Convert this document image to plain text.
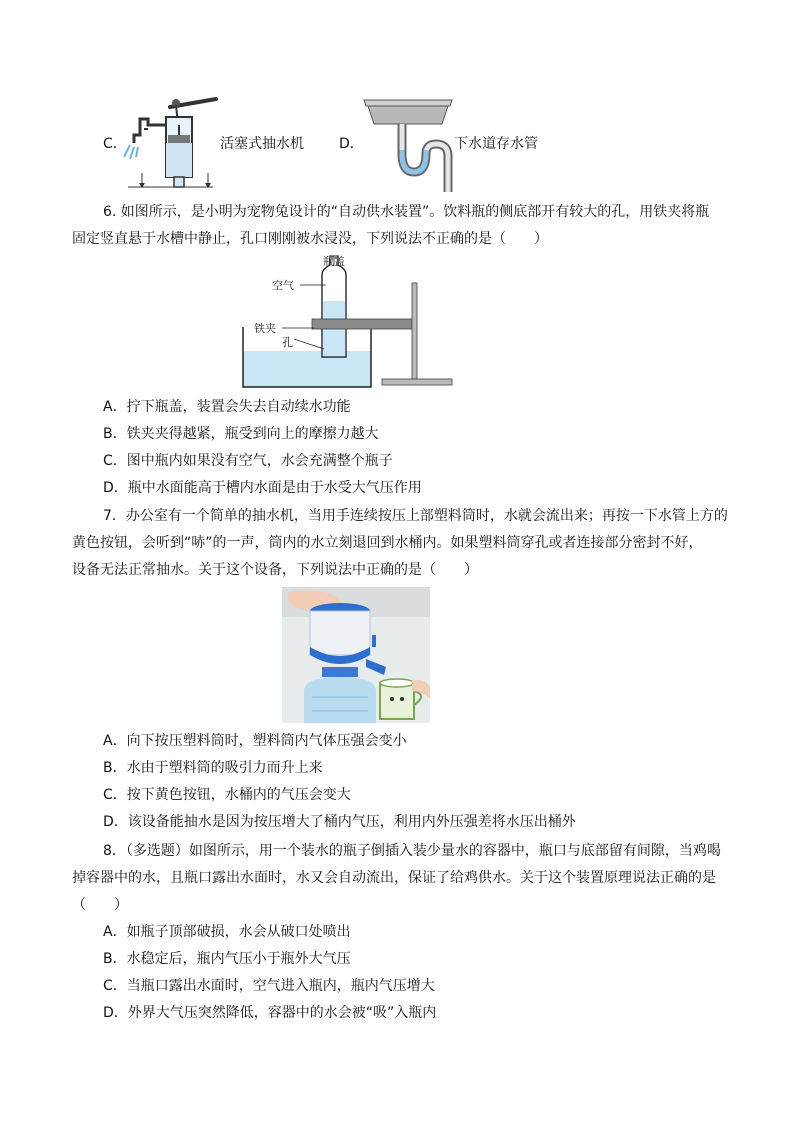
C．	活塞式抽水机	D．	下水道存水管
6. 如图所示，是小明为宠物兔设计的“自动供水装置”。饮料瓶的侧底部开有较大的孔，用铁夹将瓶
固定竖直悬于水槽中静止，孔口刚刚被水浸没，下列说法不正确的是（　　）
瓶盖
空气
铁夹
孔
A．拧下瓶盖，装置会失去自动续水功能
B．铁夹夹得越紧，瓶受到向上的摩擦力越大
C．图中瓶内如果没有空气，水会充满整个瓶子
D．瓶中水面能高于槽内水面是由于水受大气压作用
7．办公室有一个简单的抽水机，当用手连续按压上部塑料筒时，水就会流出来；再按一下水管上方的
黄色按钮，会听到“哧”的一声，筒内的水立刻退回到水桶内。如果塑料筒穿孔或者连接部分密封不好，
设备无法正常抽水。关于这个设备，下列说法中正确的是（　　）
A．向下按压塑料筒时，塑料筒内气体压强会变小
B．水由于塑料筒的吸引力而升上来
C．按下黄色按钮，水桶内的气压会变大
D．该设备能抽水是因为按压增大了桶内气压，利用内外压强差将水压出桶外
8．（多选题）如图所示，用一个装水的瓶子倒插入装少量水的容器中，瓶口与底部留有间隙，当鸡喝
掉容器中的水，且瓶口露出水面时，水又会自动流出，保证了给鸡供水。关于这个装置原理说法正确的是
（　　）
A．如瓶子顶部破损，水会从破口处喷出
B．水稳定后，瓶内气压小于瓶外大气压
C．当瓶口露出水面时，空气进入瓶内，瓶内气压增大
D．外界大气压突然降低，容器中的水会被“吸”入瓶内
